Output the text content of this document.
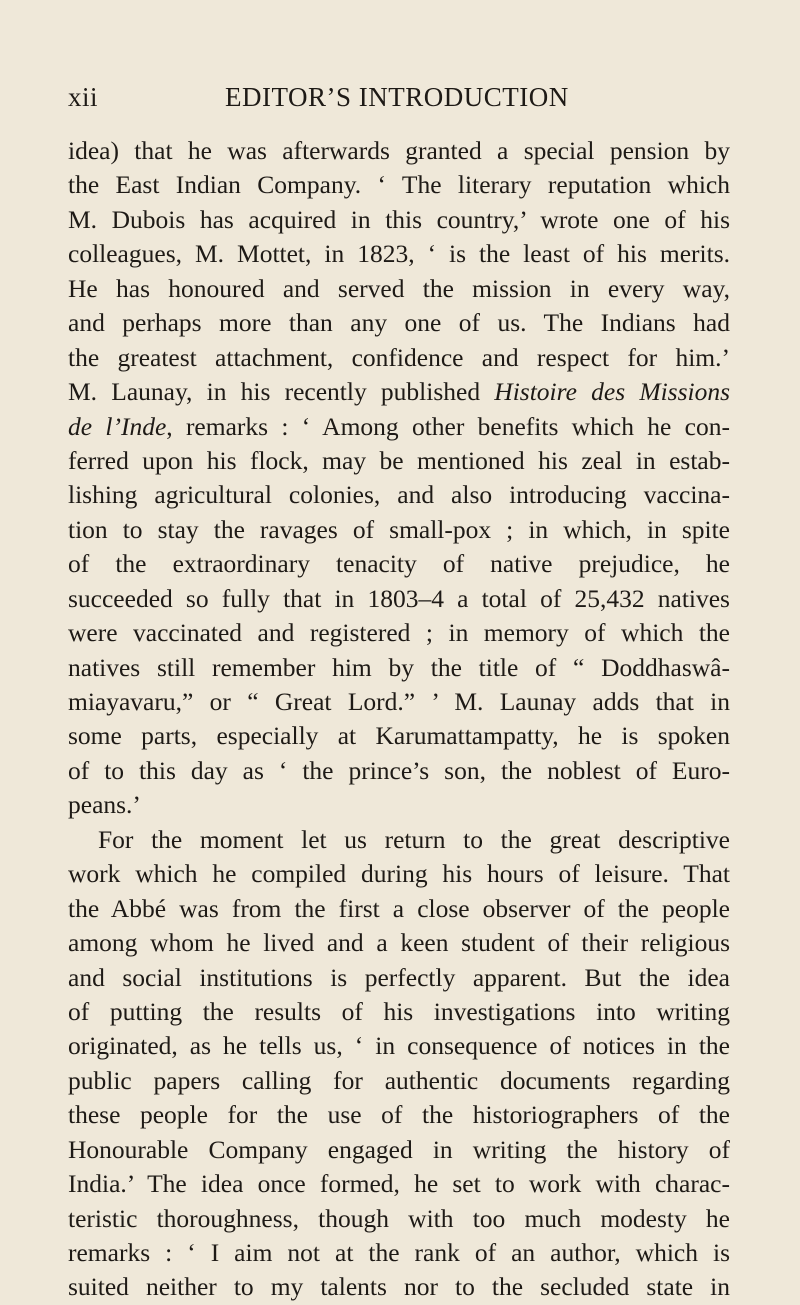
xii	EDITOR’S INTRODUCTION
idea) that he was afterwards granted a special pension by
the East Indian Company. ‘ The literary reputation which
M. Dubois has acquired in this country,’ wrote one of his
colleagues, M. Mottet, in 1823, ‘ is the least of his merits.
He has honoured and served the mission in every way,
and perhaps more than any one of us. The Indians had
the greatest attachment, confidence and respect for him.’
M. Launay, in his recently published Histoire des Missions
de l’Inde, remarks : ‘ Among other benefits which he con-
ferred upon his flock, may be mentioned his zeal in estab-
lishing agricultural colonies, and also introducing vaccina-
tion to stay the ravages of small-pox ; in which, in spite
of the extraordinary tenacity of native prejudice, he
succeeded so fully that in 1803–4 a total of 25,432 natives
were vaccinated and registered ; in memory of which the
natives still remember him by the title of “ Doddhaswâ-
miayavaru,” or “ Great Lord.” ’ M. Launay adds that in
some parts, especially at Karumattampatty, he is spoken
of to this day as ‘ the prince’s son, the noblest of Euro-
peans.’
For the moment let us return to the great descriptive
work which he compiled during his hours of leisure. That
the Abbé was from the first a close observer of the people
among whom he lived and a keen student of their religious
and social institutions is perfectly apparent. But the idea
of putting the results of his investigations into writing
originated, as he tells us, ‘ in consequence of notices in the
public papers calling for authentic documents regarding
these people for the use of the historiographers of the
Honourable Company engaged in writing the history of
India.’ The idea once formed, he set to work with charac-
teristic thoroughness, though with too much modesty he
remarks : ‘ I aim not at the rank of an author, which is
suited neither to my talents nor to the secluded state in
